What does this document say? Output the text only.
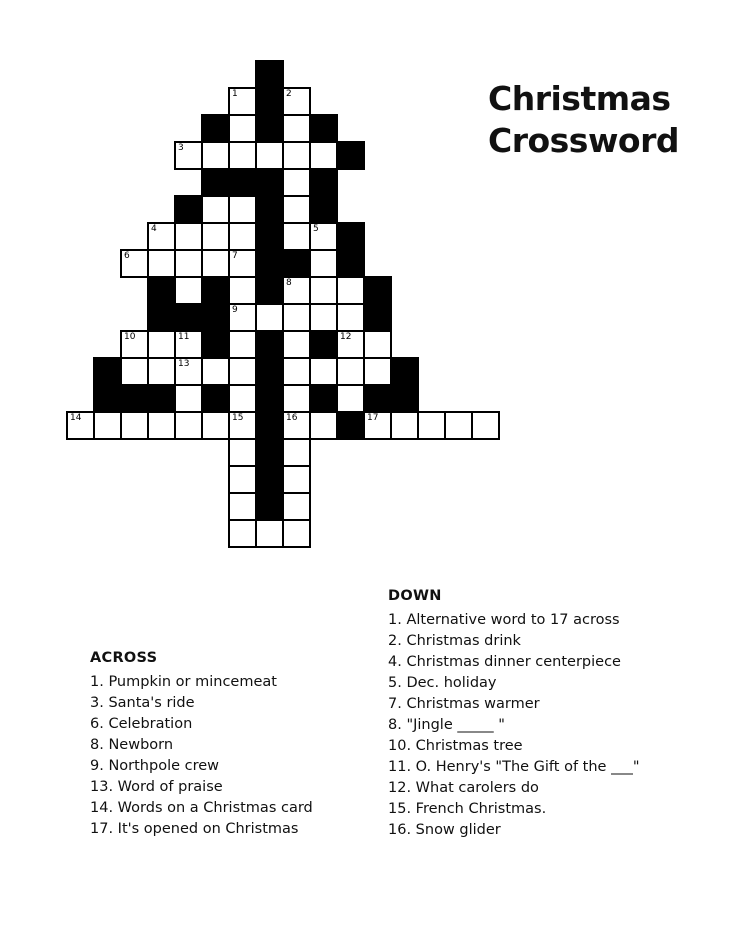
Christmas
Crossword
1	2
3
4	5
6	7
8
9
10	11	12
13
14	15	16	17
ACROSS
1. Pumpkin or mincemeat
3. Santa's ride
6. Celebration
8. Newborn
9. Northpole crew
13. Word of praise
14. Words on a Christmas card
17. It's opened on Christmas
DOWN
1. Alternative word to 17 across
2. Christmas drink
4. Christmas dinner centerpiece
5. Dec. holiday
7. Christmas warmer
8. "Jingle _____ "
10. Christmas tree
11. O. Henry's "The Gift of the ___"
12. What carolers do
15. French Christmas.
16. Snow glider
